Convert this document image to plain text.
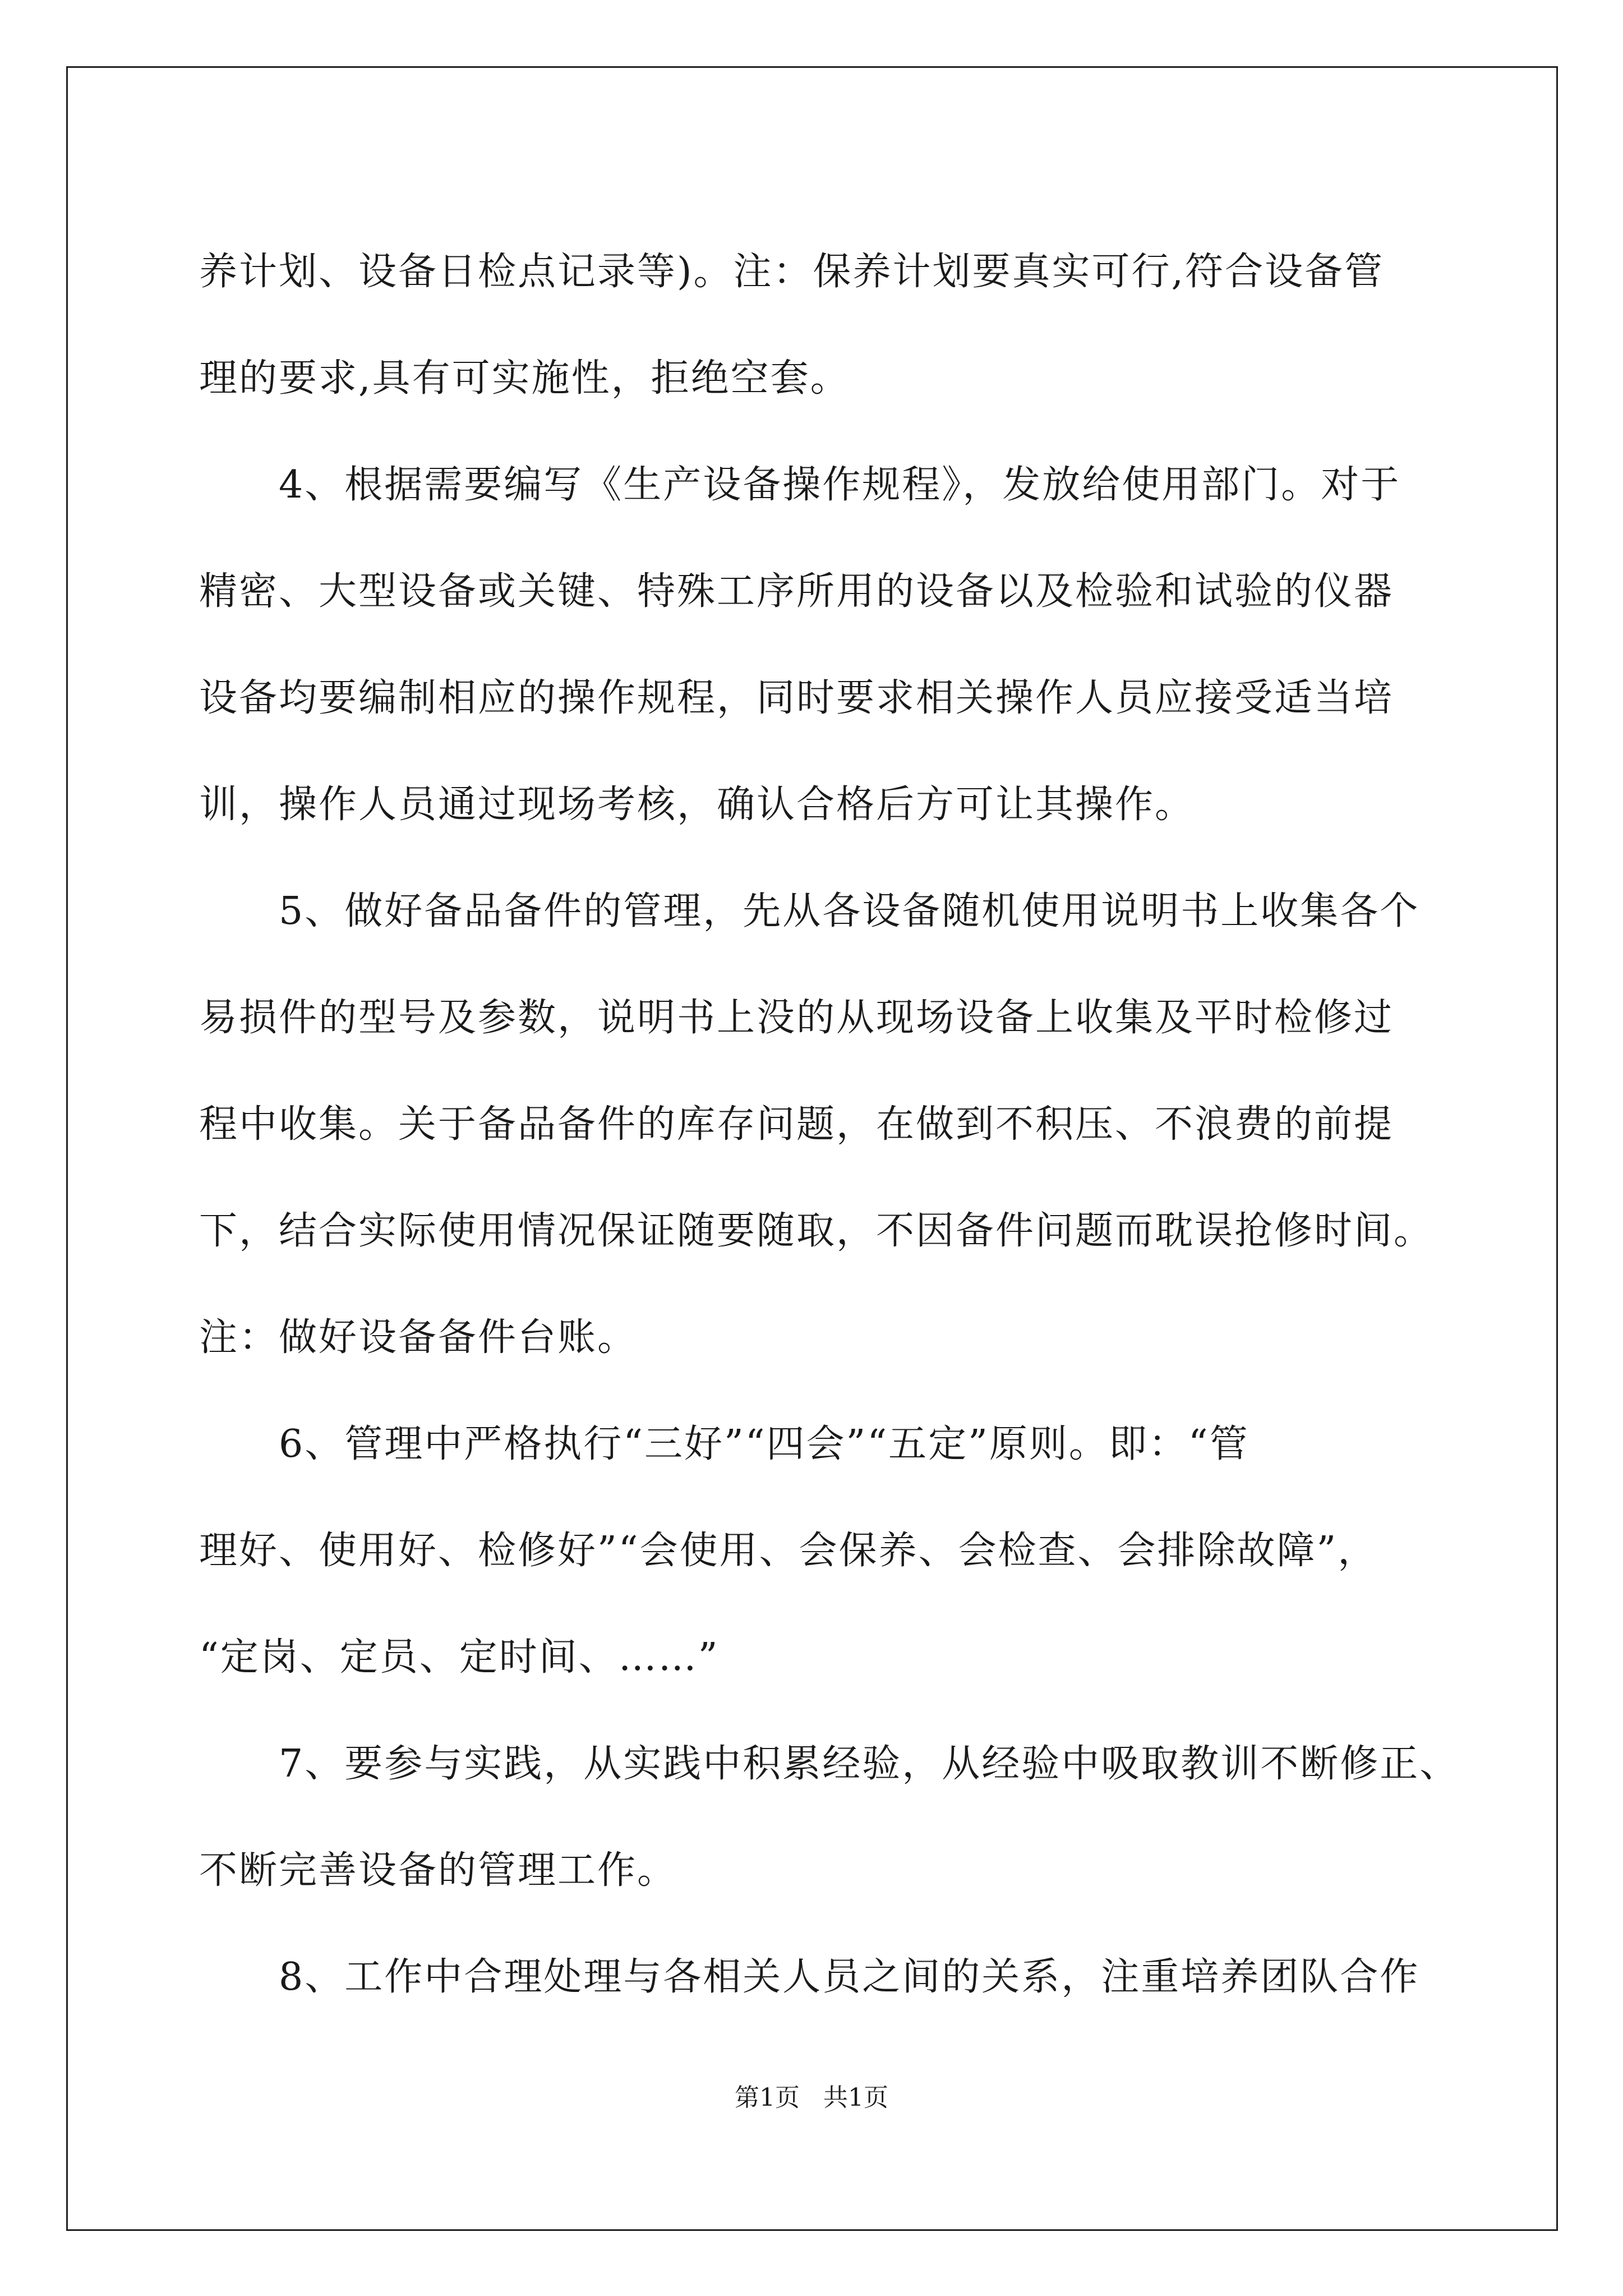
养计划、设备日检点记录等)。注：保养计划要真实可行,符合设备管
理的要求,具有可实施性，拒绝空套。
　　4、根据需要编写《生产设备操作规程》，发放给使用部门。对于
精密、大型设备或关键、特殊工序所用的设备以及检验和试验的仪器
设备均要编制相应的操作规程，同时要求相关操作人员应接受适当培
训，操作人员通过现场考核，确认合格后方可让其操作。
　　5、做好备品备件的管理，先从各设备随机使用说明书上收集各个
易损件的型号及参数，说明书上没的从现场设备上收集及平时检修过
程中收集。关于备品备件的库存问题，在做到不积压、不浪费的前提
下，结合实际使用情况保证随要随取，不因备件问题而耽误抢修时间。
注：做好设备备件台账。
　　6、管理中严格执行“三好”“四会”“五定”原则。即：“管
理好、使用好、检修好”“会使用、会保养、会检查、会排除故障”，
“定岗、定员、定时间、……”
　　7、要参与实践，从实践中积累经验，从经验中吸取教训不断修正、
不断完善设备的管理工作。
　　8、工作中合理处理与各相关人员之间的关系，注重培养团队合作
第1页   共1页
